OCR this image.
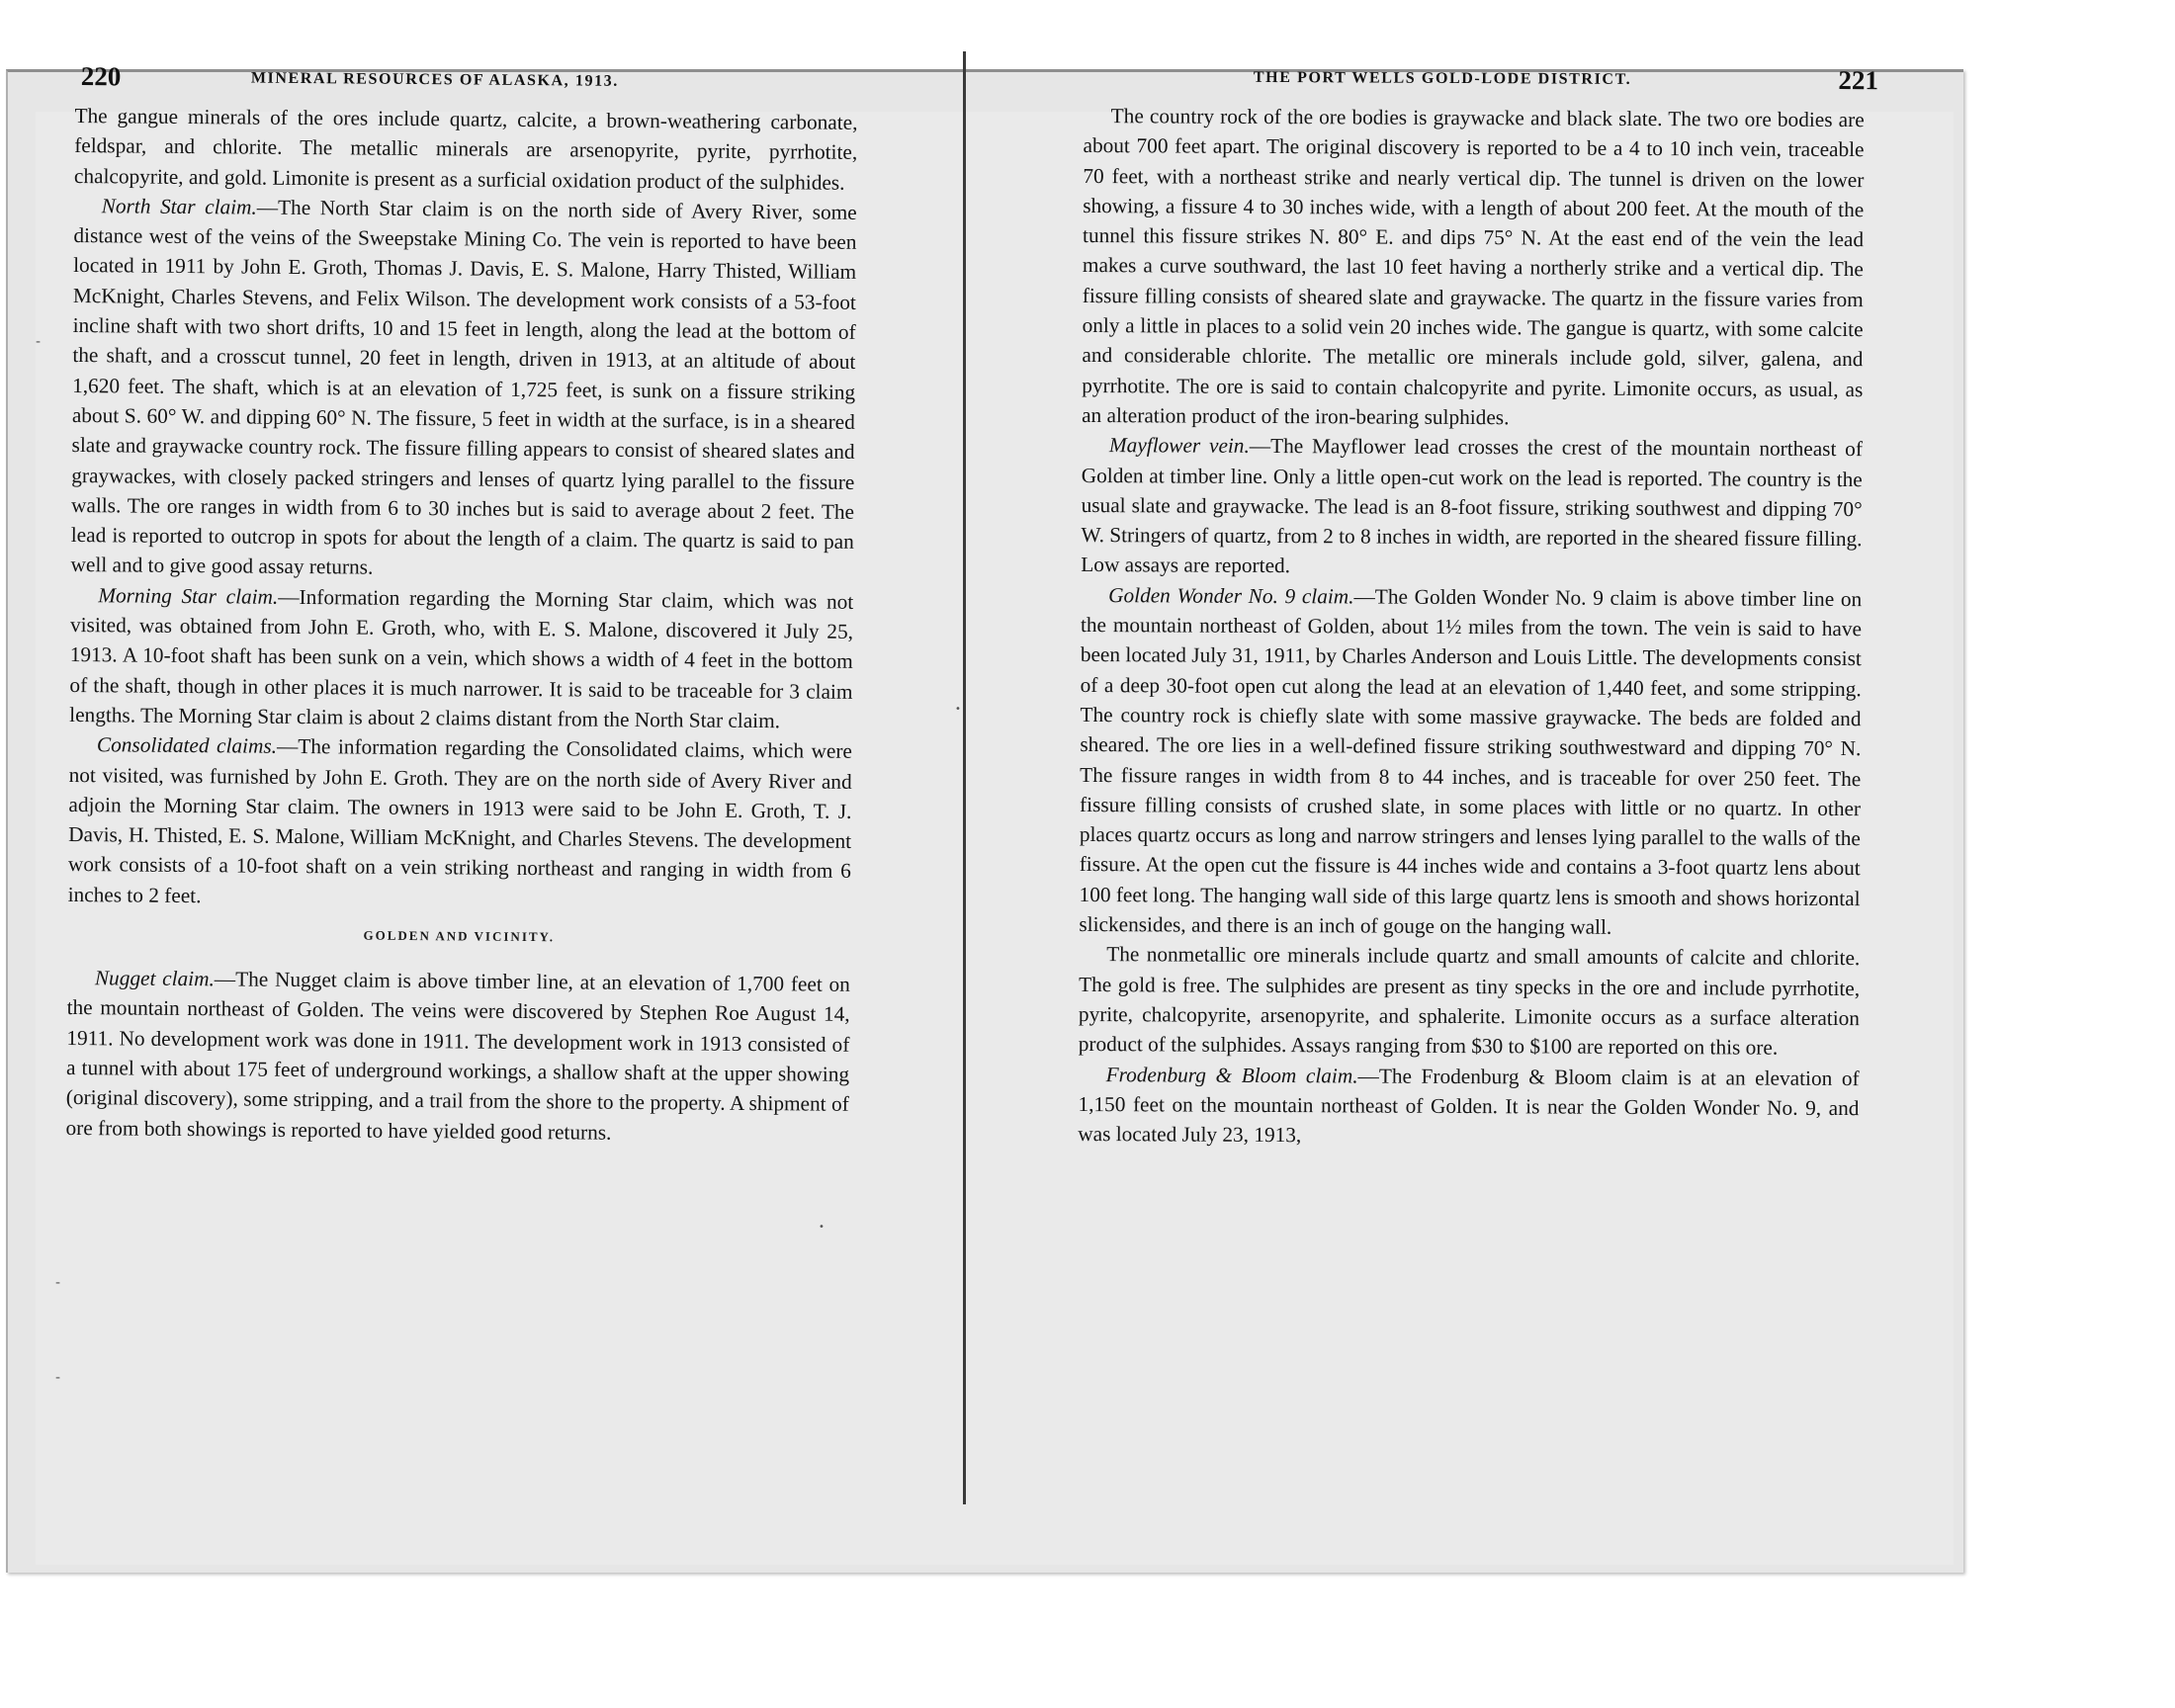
-
-
-
•
•
220	MINERAL RESOURCES OF ALASKA, 1913.

The gangue minerals of the ores include quartz, calcite, a brown-weathering carbonate, feldspar, and chlorite. The metallic minerals are arsenopyrite, pyrite, pyrrhotite, chalcopyrite, and gold. Limonite is present as a surficial oxidation product of the sulphides.

North Star claim.—The North Star claim is on the north side of Avery River, some distance west of the veins of the Sweepstake Mining Co. The vein is reported to have been located in 1911 by John E. Groth, Thomas J. Davis, E. S. Malone, Harry Thisted, William McKnight, Charles Stevens, and Felix Wilson. The development work consists of a 53-foot incline shaft with two short drifts, 10 and 15 feet in length, along the lead at the bottom of the shaft, and a crosscut tunnel, 20 feet in length, driven in 1913, at an altitude of about 1,620 feet. The shaft, which is at an elevation of 1,725 feet, is sunk on a fissure striking about S. 60° W. and dipping 60° N. The fissure, 5 feet in width at the surface, is in a sheared slate and graywacke country rock. The fissure filling appears to consist of sheared slates and graywackes, with closely packed stringers and lenses of quartz lying parallel to the fissure walls. The ore ranges in width from 6 to 30 inches but is said to average about 2 feet. The lead is reported to outcrop in spots for about the length of a claim. The quartz is said to pan well and to give good assay returns.

Morning Star claim.—Information regarding the Morning Star claim, which was not visited, was obtained from John E. Groth, who, with E. S. Malone, discovered it July 25, 1913. A 10-foot shaft has been sunk on a vein, which shows a width of 4 feet in the bottom of the shaft, though in other places it is much narrower. It is said to be traceable for 3 claim lengths. The Morning Star claim is about 2 claims distant from the North Star claim.

Consolidated claims.—The information regarding the Consolidated claims, which were not visited, was furnished by John E. Groth. They are on the north side of Avery River and adjoin the Morning Star claim. The owners in 1913 were said to be John E. Groth, T. J. Davis, H. Thisted, E. S. Malone, William McKnight, and Charles Stevens. The development work consists of a 10-foot shaft on a vein striking northeast and ranging in width from 6 inches to 2 feet.

GOLDEN AND VICINITY.

Nugget claim.—The Nugget claim is above timber line, at an elevation of 1,700 feet on the mountain northeast of Golden. The veins were discovered by Stephen Roe August 14, 1911. No development work was done in 1911. The development work in 1913 consisted of a tunnel with about 175 feet of underground workings, a shallow shaft at the upper showing (original discovery), some stripping, and a trail from the shore to the property. A shipment of ore from both showings is reported to have yielded good returns.

THE PORT WELLS GOLD-LODE DISTRICT.	221

The country rock of the ore bodies is graywacke and black slate. The two ore bodies are about 700 feet apart. The original discovery is reported to be a 4 to 10 inch vein, traceable 70 feet, with a northeast strike and nearly vertical dip. The tunnel is driven on the lower showing, a fissure 4 to 30 inches wide, with a length of about 200 feet. At the mouth of the tunnel this fissure strikes N. 80° E. and dips 75° N. At the east end of the vein the lead makes a curve southward, the last 10 feet having a northerly strike and a vertical dip. The fissure filling consists of sheared slate and graywacke. The quartz in the fissure varies from only a little in places to a solid vein 20 inches wide. The gangue is quartz, with some calcite and considerable chlorite. The metallic ore minerals include gold, silver, galena, and pyrrhotite. The ore is said to contain chalcopyrite and pyrite. Limonite occurs, as usual, as an alteration product of the iron-bearing sulphides.

Mayflower vein.—The Mayflower lead crosses the crest of the mountain northeast of Golden at timber line. Only a little open-cut work on the lead is reported. The country is the usual slate and graywacke. The lead is an 8-foot fissure, striking southwest and dipping 70° W. Stringers of quartz, from 2 to 8 inches in width, are reported in the sheared fissure filling. Low assays are reported.

Golden Wonder No. 9 claim.—The Golden Wonder No. 9 claim is above timber line on the mountain northeast of Golden, about 1½ miles from the town. The vein is said to have been located July 31, 1911, by Charles Anderson and Louis Little. The developments consist of a deep 30-foot open cut along the lead at an elevation of 1,440 feet, and some stripping. The country rock is chiefly slate with some massive graywacke. The beds are folded and sheared. The ore lies in a well-defined fissure striking southwestward and dipping 70° N. The fissure ranges in width from 8 to 44 inches, and is traceable for over 250 feet. The fissure filling consists of crushed slate, in some places with little or no quartz. In other places quartz occurs as long and narrow stringers and lenses lying parallel to the walls of the fissure. At the open cut the fissure is 44 inches wide and contains a 3-foot quartz lens about 100 feet long. The hanging wall side of this large quartz lens is smooth and shows horizontal slickensides, and there is an inch of gouge on the hanging wall.

The nonmetallic ore minerals include quartz and small amounts of calcite and chlorite. The gold is free. The sulphides are present as tiny specks in the ore and include pyrrhotite, pyrite, chalcopyrite, arsenopyrite, and sphalerite. Limonite occurs as a surface alteration product of the sulphides. Assays ranging from $30 to $100 are reported on this ore.

Frodenburg & Bloom claim.—The Frodenburg & Bloom claim is at an elevation of 1,150 feet on the mountain northeast of Golden. It is near the Golden Wonder No. 9, and was located July 23, 1913,
